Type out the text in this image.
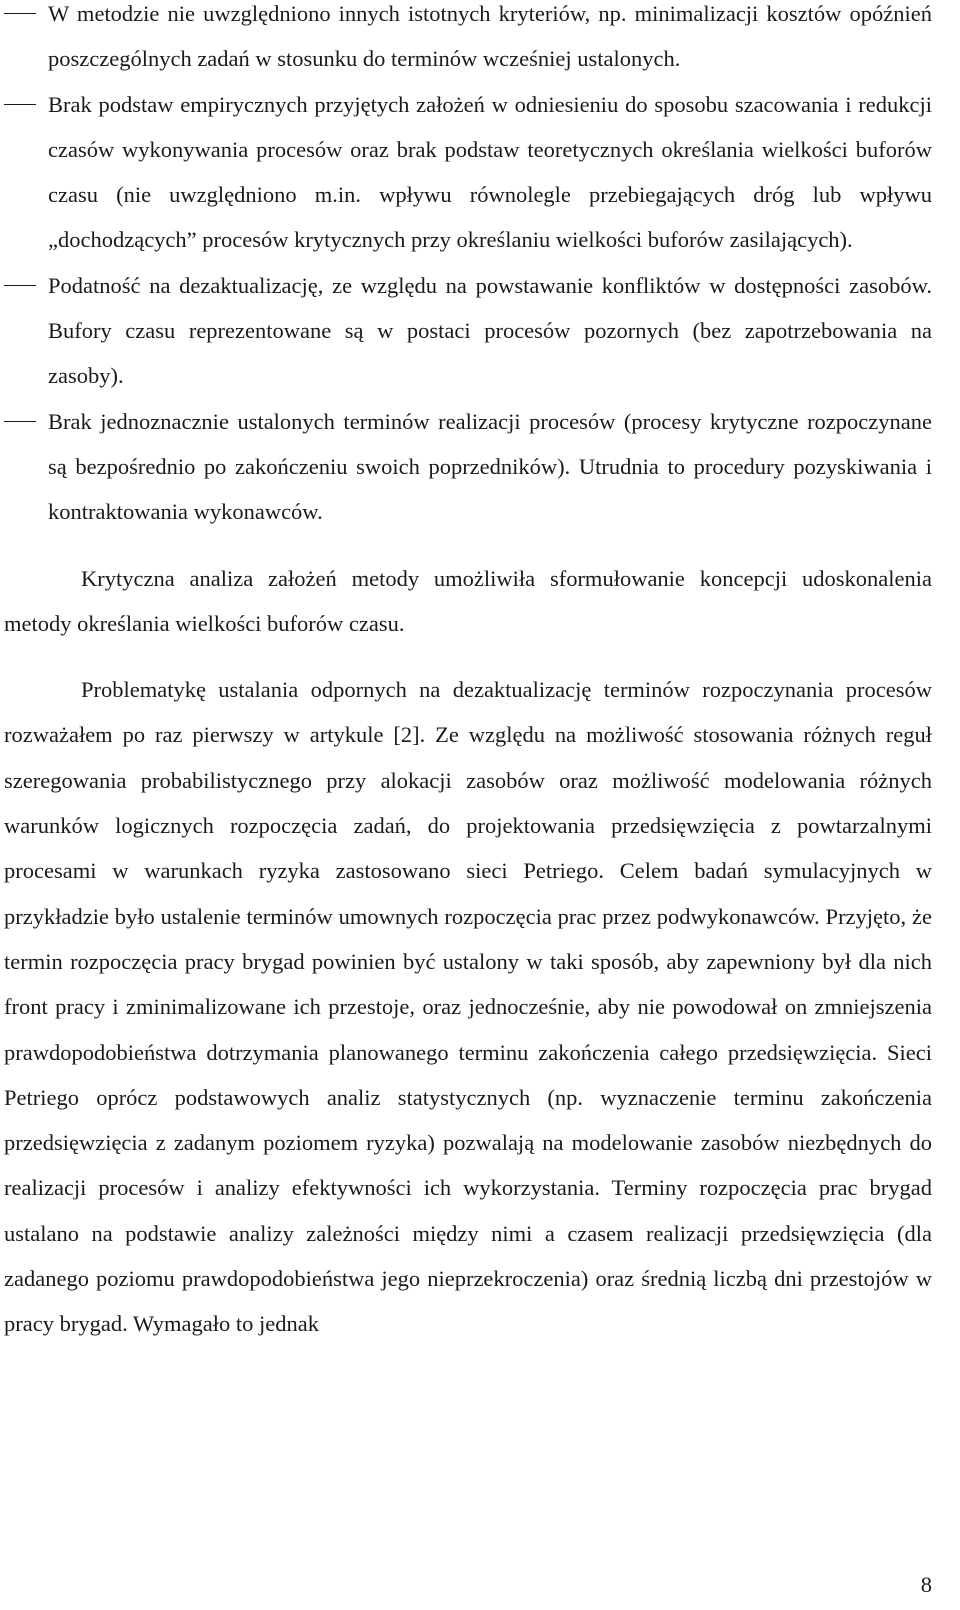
W metodzie nie uwzględniono innych istotnych kryteriów, np. minimalizacji kosztów opóźnień poszczególnych zadań w stosunku do terminów wcześniej ustalonych.

Brak podstaw empirycznych przyjętych założeń w odniesieniu do sposobu szacowania i redukcji czasów wykonywania procesów oraz brak podstaw teoretycznych określania wielkości buforów czasu (nie uwzględniono m.in. wpływu równolegle przebiegających dróg lub wpływu „dochodzących” procesów krytycznych przy określaniu wielkości buforów zasilających).

Podatność na dezaktualizację, ze względu na powstawanie konfliktów w dostępności zasobów. Bufory czasu reprezentowane są w postaci procesów pozornych (bez zapotrzebowania na zasoby).

Brak jednoznacznie ustalonych terminów realizacji procesów (procesy krytyczne rozpoczynane są bezpośrednio po zakończeniu swoich poprzedników). Utrudnia to procedury pozyskiwania i kontraktowania wykonawców.

Krytyczna analiza założeń metody umożliwiła sformułowanie koncepcji udoskonalenia metody określania wielkości buforów czasu.

Problematykę ustalania odpornych na dezaktualizację terminów rozpoczynania procesów rozważałem po raz pierwszy w artykule [2]. Ze względu na możliwość stosowania różnych reguł szeregowania probabilistycznego przy alokacji zasobów oraz możliwość modelowania różnych warunków logicznych rozpoczęcia zadań, do projektowania przedsięwzięcia z powtarzalnymi procesami w warunkach ryzyka zastosowano sieci Petriego. Celem badań symulacyjnych w przykładzie było ustalenie terminów umownych rozpoczęcia prac przez podwykonawców. Przyjęto, że termin rozpoczęcia pracy brygad powinien być ustalony w taki sposób, aby zapewniony był dla nich front pracy i zminimalizowane ich przestoje, oraz jednocześnie, aby nie powodował on zmniejszenia prawdopodobieństwa dotrzymania planowanego terminu zakończenia całego przedsięwzięcia. Sieci Petriego oprócz podstawowych analiz statystycznych (np. wyznaczenie terminu zakończenia przedsięwzięcia z zadanym poziomem ryzyka) pozwalają na modelowanie zasobów niezbędnych do realizacji procesów i analizy efektywności ich wykorzystania. Terminy rozpoczęcia prac brygad ustalano na podstawie analizy zależności między nimi a czasem realizacji przedsięwzięcia (dla zadanego poziomu prawdopodobieństwa jego nieprzekroczenia) oraz średnią liczbą dni przestojów w pracy brygad. Wymagało to jednak

8
